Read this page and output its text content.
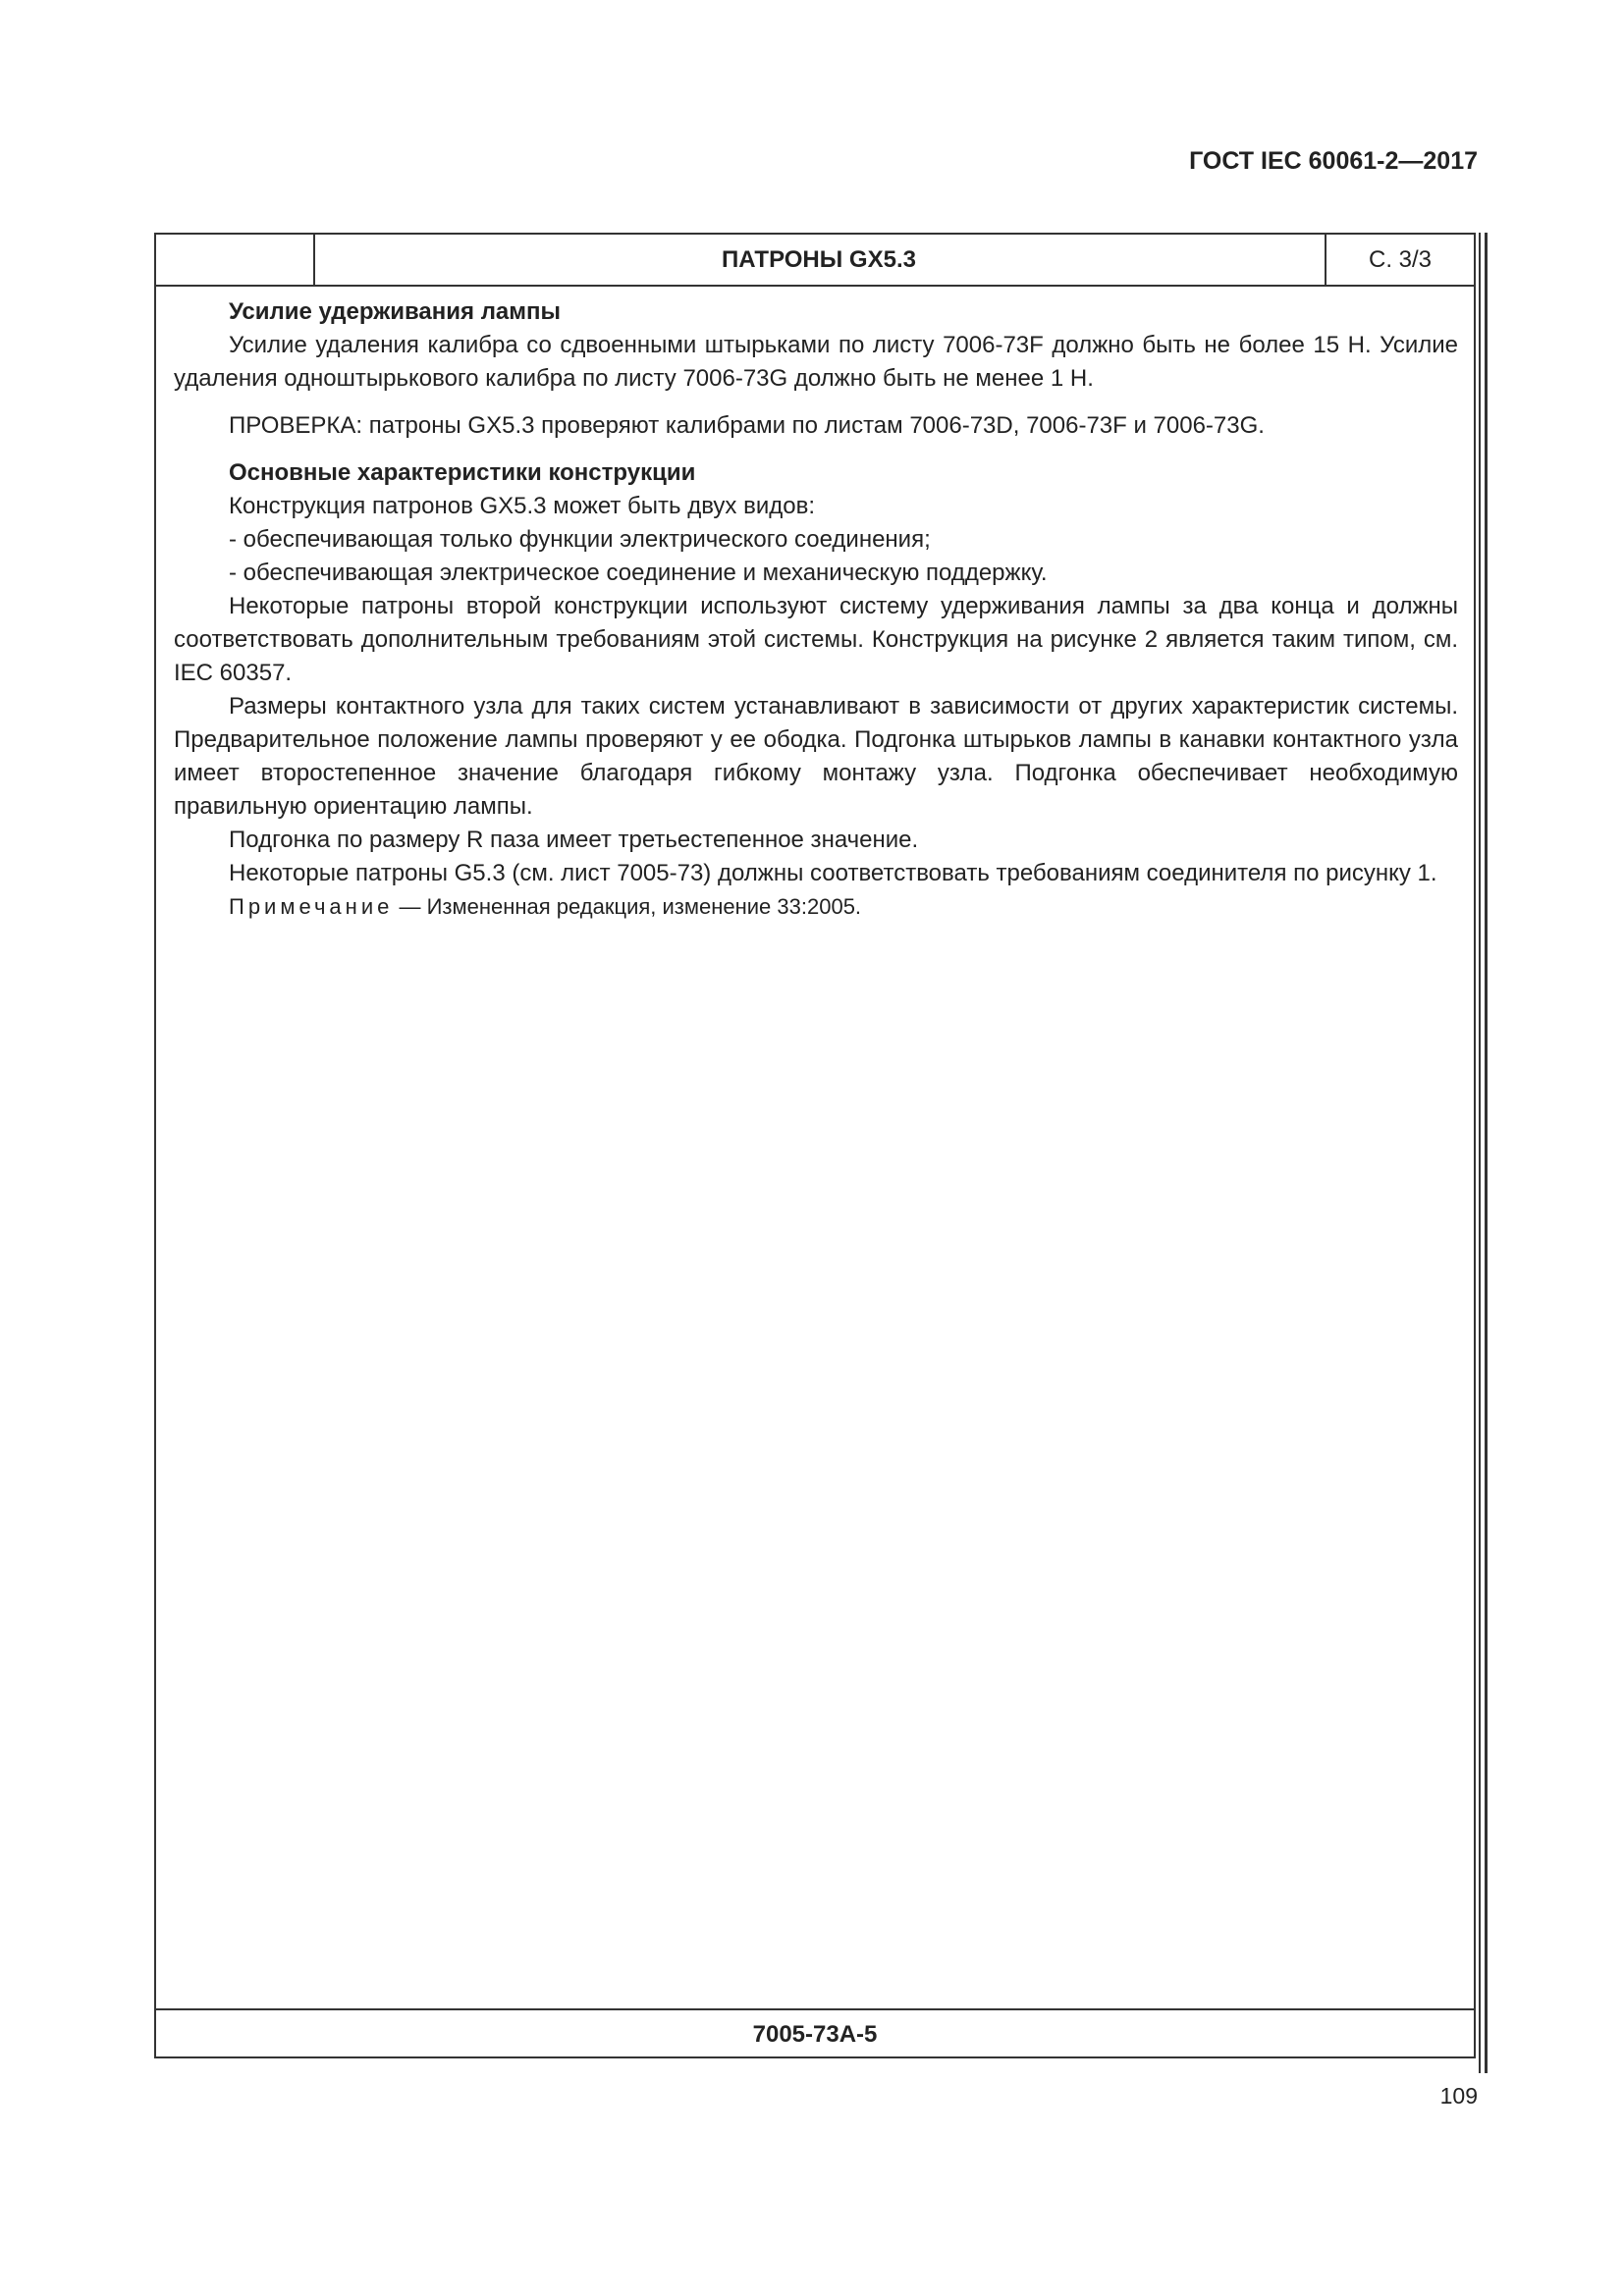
ГОСТ IEC 60061-2—2017
ПАТРОНЫ GX5.3	С. 3/3

Усилие удерживания лампы

Усилие удаления калибра со сдвоенными штырьками по листу 7006-73F должно быть не более 15 Н. Усилие удаления одноштырькового калибра по листу 7006-73G должно быть не менее 1 Н.

ПРОВЕРКА: патроны GX5.3 проверяют калибрами по листам 7006-73D, 7006-73F и 7006-73G.

Основные характеристики конструкции

Конструкция патронов GX5.3 может быть двух видов:

- обеспечивающая только функции электрического соединения;

- обеспечивающая электрическое соединение и механическую поддержку.

Некоторые патроны второй конструкции используют систему удерживания лампы за два конца и должны соответствовать дополнительным требованиям этой системы. Конструкция на рисунке 2 является таким типом, см. IEC 60357.

Размеры контактного узла для таких систем устанавливают в зависимости от других характеристик системы. Предварительное положение лампы проверяют у ее ободка. Подгонка штырьков лампы в канавки контактного узла имеет второстепенное значение благодаря гибкому монтажу узла. Подгонка обеспечивает необходимую правильную ориентацию лампы.

Подгонка по размеру R паза имеет третьестепенное значение.

Некоторые патроны G5.3 (см. лист 7005-73) должны соответствовать требованиям соединителя по рисунку 1.

Примечание — Измененная редакция, изменение 33:2005.

7005-73А-5
109
